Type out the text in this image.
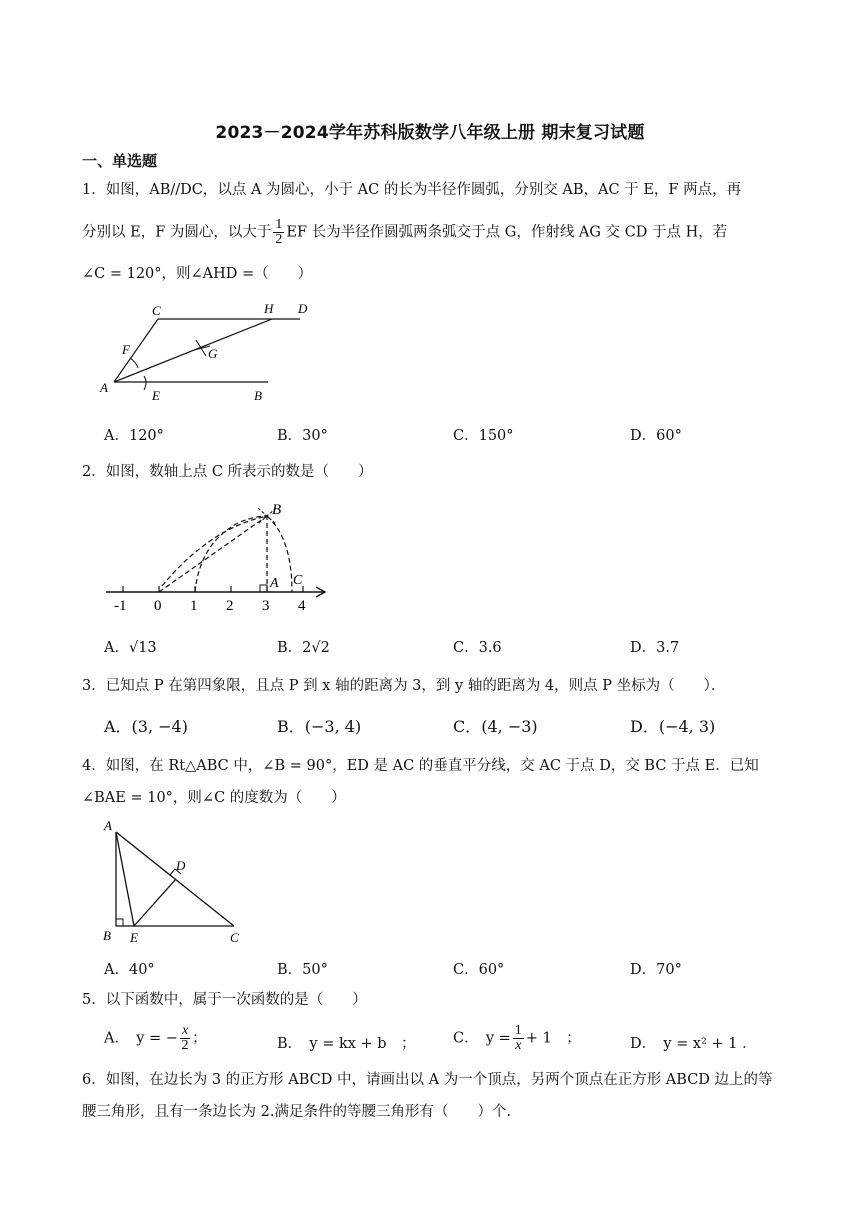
2023－2024学年苏科版数学八年级上册 期末复习试题
一、单选题
1．如图，AB//DC，以点 A 为圆心，小于 AC 的长为半径作圆弧，分别交 AB，AC 于 E，F 两点，再
分别以 E，F 为圆心，以大于 $\frac{1}{2}$ EF 长为半径作圆弧两条弧交于点 G，作射线 AG 交 CD 于点 H，若
∠C = 120°，则∠AHD =（　　）
C	H D
F	G
A
E	B
A．120°	B．30°	C．150°	D．60°
2．如图，数轴上点 C 所表示的数是（　　）
-1 0 1 2 3 4
B
A C
A．√13	B．2√2	C．3.6	D．3.7
3．已知点 P 在第四象限，且点 P 到 x 轴的距离为 3，到 y 轴的距离为 4，则点 P 坐标为（　　）．
A．(3, −4)	B．(−3, 4)	C．(4, −3)	D．(−4, 3)
4．如图，在 Rt△ABC 中，∠B = 90°，ED 是 AC 的垂直平分线，交 AC 于点 D，交 BC 于点 E．已知
∠BAE = 10°，则∠C 的度数为（　　）
A
D
B E	C
A．40°	B．50°	C．60°	D．70°
5．以下函数中，属于一次函数的是（　　）
A．　y = − $\frac{x}{2}$ ；	B．　y = kx + b　；	C．　$y = \frac{1}{x} + 1$　；	D．　y = x² + 1 ．
6．如图，在边长为 3 的正方形 ABCD 中，请画出以 A 为一个顶点，另两个顶点在正方形 ABCD 边上的等
腰三角形，且有一条边长为 2.满足条件的等腰三角形有（　　）个.
